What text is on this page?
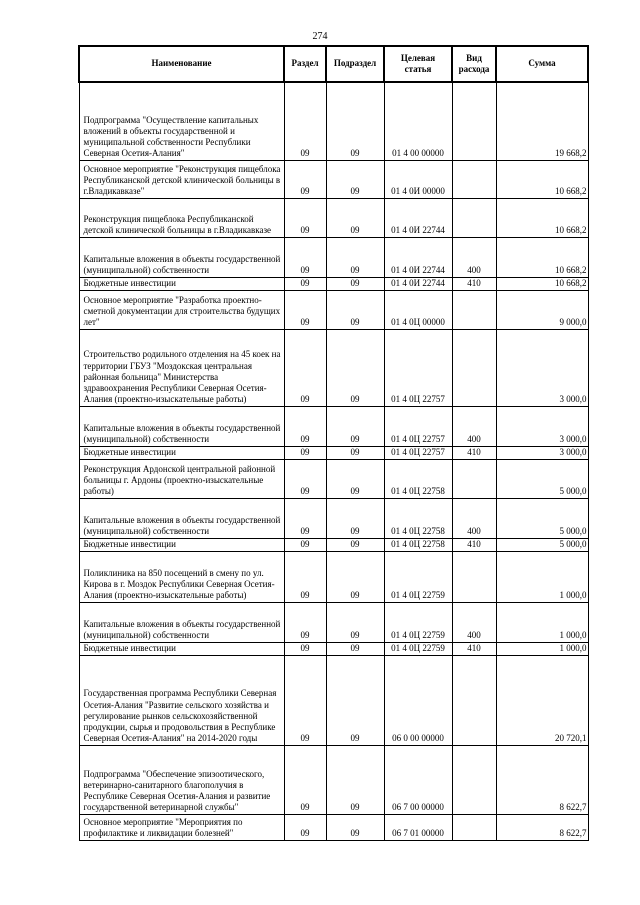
274
Наименование	Раздел	Подраздел	Целевая статья	Вид расхода	Сумма
Подпрограмма "Осуществление капитальных вложений в объекты государственной и муниципальной собственности Республики Северная Осетия-Алания"	09	09	01 4 00 00000		19 668,2
Основное мероприятие "Реконструкция пищеблока Республиканской детской клинической больницы в г.Владикавказе"	09	09	01 4 0И 00000		10 668,2
Реконструкция пищеблока Республиканской детской клинической больницы в г.Владикавказе	09	09	01 4 0И 22744		10 668,2
Капитальные вложения в объекты государственной (муниципальной) собственности	09	09	01 4 0И 22744	400	10 668,2
Бюджетные инвестиции	09	09	01 4 0И 22744	410	10 668,2
Основное мероприятие "Разработка проектно-сметной документации для строительства будущих лет"	09	09	01 4 0Ц 00000		9 000,0
Строительство родильного отделения на 45 коек на территории ГБУЗ "Моздокская центральная районная больница" Министерства здравоохранения Республики Северная Осетия-Алания (проектно-изыскательные работы)	09	09	01 4 0Ц 22757		3 000,0
Капитальные вложения в объекты государственной (муниципальной) собственности	09	09	01 4 0Ц 22757	400	3 000,0
Бюджетные инвестиции	09	09	01 4 0Ц 22757	410	3 000,0
Реконструкция Ардонской центральной районной больницы г. Ардоны (проектно-изыскательные работы)	09	09	01 4 0Ц 22758		5 000,0
Капитальные вложения в объекты государственной (муниципальной) собственности	09	09	01 4 0Ц 22758	400	5 000,0
Бюджетные инвестиции	09	09	01 4 0Ц 22758	410	5 000,0
Поликлиника на 850 посещений в смену по ул. Кирова в г. Моздок Республики Северная Осетия-Алания (проектно-изыскательные работы)	09	09	01 4 0Ц 22759		1 000,0
Капитальные вложения в объекты государственной (муниципальной) собственности	09	09	01 4 0Ц 22759	400	1 000,0
Бюджетные инвестиции	09	09	01 4 0Ц 22759	410	1 000,0
Государственная программа Республики Северная Осетия-Алания "Развитие сельского хозяйства и регулирование рынков сельскохозяйственной продукции, сырья и продовольствия в Республике Северная Осетия-Алания" на 2014-2020 годы	09	09	06 0 00 00000		20 720,1
Подпрограмма "Обеспечение эпизоотического, ветеринарно-санитарного благополучия в Республике Северная Осетия-Алания и развитие государственной ветеринарной службы"	09	09	06 7 00 00000		8 622,7
Основное мероприятие "Мероприятия по профилактике и ликвидации болезней"	09	09	06 7 01 00000		8 622,7
